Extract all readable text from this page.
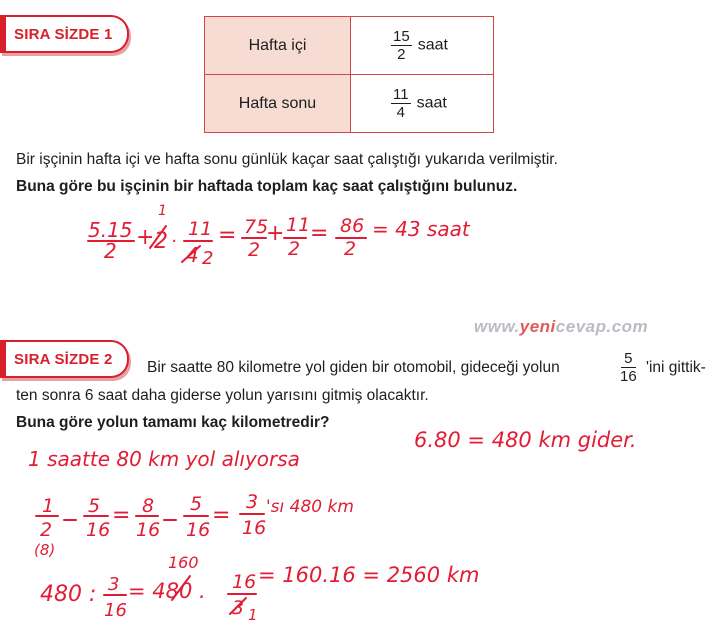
SIRA SİZDE 1
Hafta içi	$\frac{15}{2}$ saat
Hafta sonu	$\frac{11}{4}$ saat
Bir işçinin hafta içi ve hafta sonu günlük kaçar saat çalıştığı yukarıda verilmiştir.
Buna göre bu işçinin bir haftada toplam kaç saat çalıştığını bulunuz.
www.yenicevap.com
SIRA SİZDE 2 Bir saatte 80 kilometre yol giden bir otomobil, gideceği yolun
5
16
'ini gittik-
ten sonra 6 saat daha giderse yolun yarısını gitmiş olacaktır.
Buna göre yolun tamamı kaç kilometredir?
5.15
2
+
1
2 . 11
4 2
= 75
2
+ 11
2
= 86
2
= 43 saat
1 saatte 80 km yol alıyorsa
6.80 = 480 km gider.
1
2
(8)
5
16
= 8
16
5
16
=
3
16
'sı 480 km
480 : 3
16
= 480 .
160
16
3 1
= 160.16 = 2560 km
